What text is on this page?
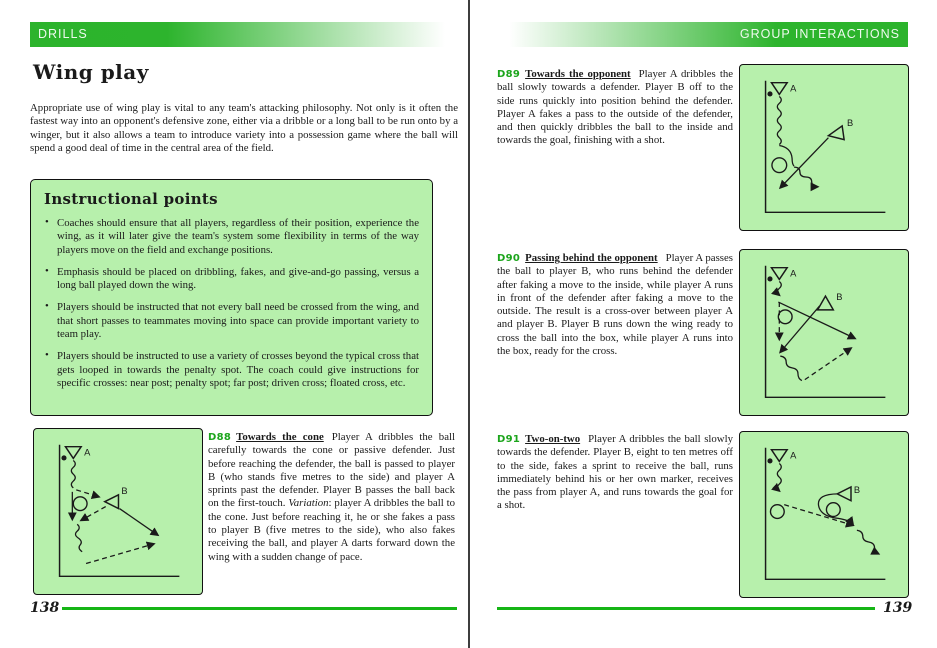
DRILLS
Wing play
Appropriate use of wing play is vital to any team's attacking philosophy. Not only is it often the fastest way into an opponent's defensive zone, either via a dribble or a long ball to be run onto by a winger, but it also allows a team to introduce variety into a possession game where the ball will spend a good deal of time in the central area of the field.
Instructional points
• Coaches should ensure that all players, regardless of their position, experience the wing, as it will later give the team's system some flexibility in terms of the way players move on the field and exchange positions.
• Emphasis should be placed on dribbling, fakes, and give-and-go passing, versus a long ball played down the wing.
• Players should be instructed that not every ball need be crossed from the wing, and that short passes to teammates moving into space can provide important variety to team play.
• Players should be instructed to use a variety of crosses beyond the typical cross that gets looped in towards the penalty spot. The coach could give instructions for specific crosses: near post; penalty spot; far post; driven cross; floated cross, etc.
A
B
D88 Towards the cone Player A dribbles the ball carefully towards the cone or passive defender. Just before reaching the defender, the ball is passed to player B (who stands five metres to the side) and player A sprints past the defender. Player B passes the ball back on the first-touch. Variation: player A dribbles the ball to the cone. Just before reaching it, he or she fakes a pass to player B (five metres to the side), who also fakes receiving the ball, and player A darts forward down the wing with a sudden change of pace.
138
GROUP INTERACTIONS
D89 Towards the opponent Player A dribbles the ball slowly towards a defender. Player B off to the side runs quickly into position behind the defender. Player A fakes a pass to the outside of the defender, and then quickly dribbles the ball to the inside and towards the goal, finishing with a shot.
A
B
D90 Passing behind the opponent Player A passes the ball to player B, who runs behind the defender after faking a move to the inside, while player A runs in front of the defender after faking a move to the outside. The result is a cross-over between player A and player B. Player B runs down the wing ready to cross the ball into the box, while player A runs into the box, ready for the cross.
A
B
D91 Two-on-two Player A dribbles the ball slowly towards the defender. Player B, eight to ten metres off to the side, fakes a sprint to receive the ball, runs immediately behind his or her own marker, receives the pass from player A, and runs towards the goal for a shot.
A
B
139
